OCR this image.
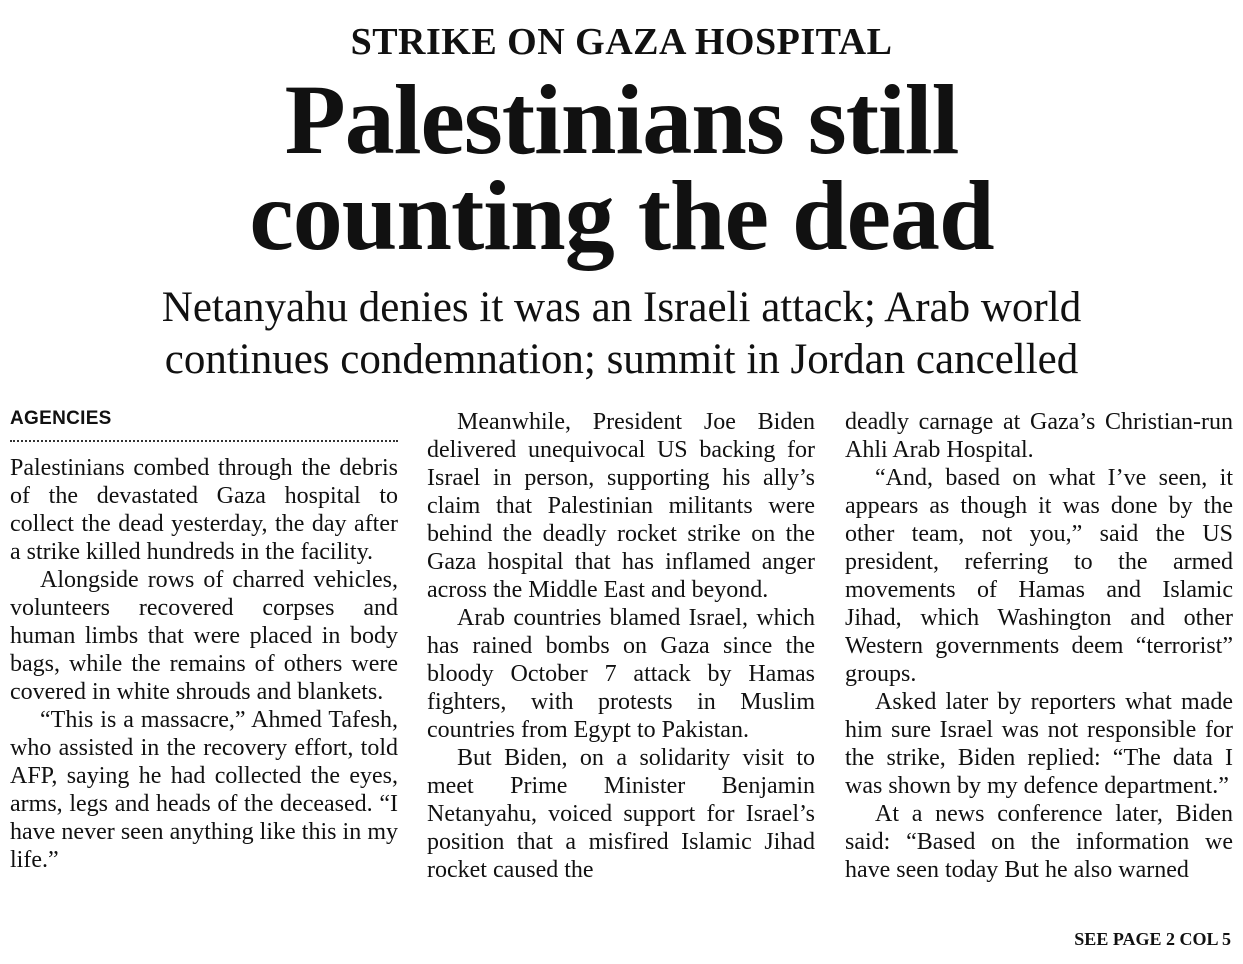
STRIKE ON GAZA HOSPITAL
Palestinians still
counting the dead
Netanyahu denies it was an Israeli attack; Arab world
continues condemnation; summit in Jordan cancelled
AGENCIES
Palestinians combed through the debris of the devastated Gaza hospital to collect the dead yesterday, the day after a strike killed hundreds in the facility.
Alongside rows of charred vehicles, volunteers recovered corpses and human limbs that were placed in body bags, while the remains of others were covered in white shrouds and blankets.
“This is a massacre,” Ahmed Tafesh, who assisted in the recovery effort, told AFP, saying he had collected the eyes, arms, legs and heads of the deceased. “I have never seen anything like this in my life.”
Meanwhile, President Joe Biden delivered unequivocal US backing for Israel in person, supporting his ally’s claim that Palestinian militants were behind the deadly rocket strike on the Gaza hospital that has inflamed anger across the Middle East and beyond.
Arab countries blamed Israel, which has rained bombs on Gaza since the bloody October 7 attack by Hamas fighters, with protests in Muslim countries from Egypt to Pakistan.
But Biden, on a solidarity visit to meet Prime Minister Benjamin Netanyahu, voiced support for Israel’s position that a misfired Islamic Jihad rocket caused the
deadly carnage at Gaza’s Christian-run Ahli Arab Hospital.
“And, based on what I’ve seen, it appears as though it was done by the other team, not you,” said the US president, referring to the armed movements of Hamas and Islamic Jihad, which Washington and other Western governments deem “terrorist” groups.
Asked later by reporters what made him sure Israel was not responsible for the strike, Biden replied: “The data I was shown by my defence department.”
At a news conference later, Biden said: “Based on the information we have seen today But he also warned
SEE PAGE 2 COL 5
